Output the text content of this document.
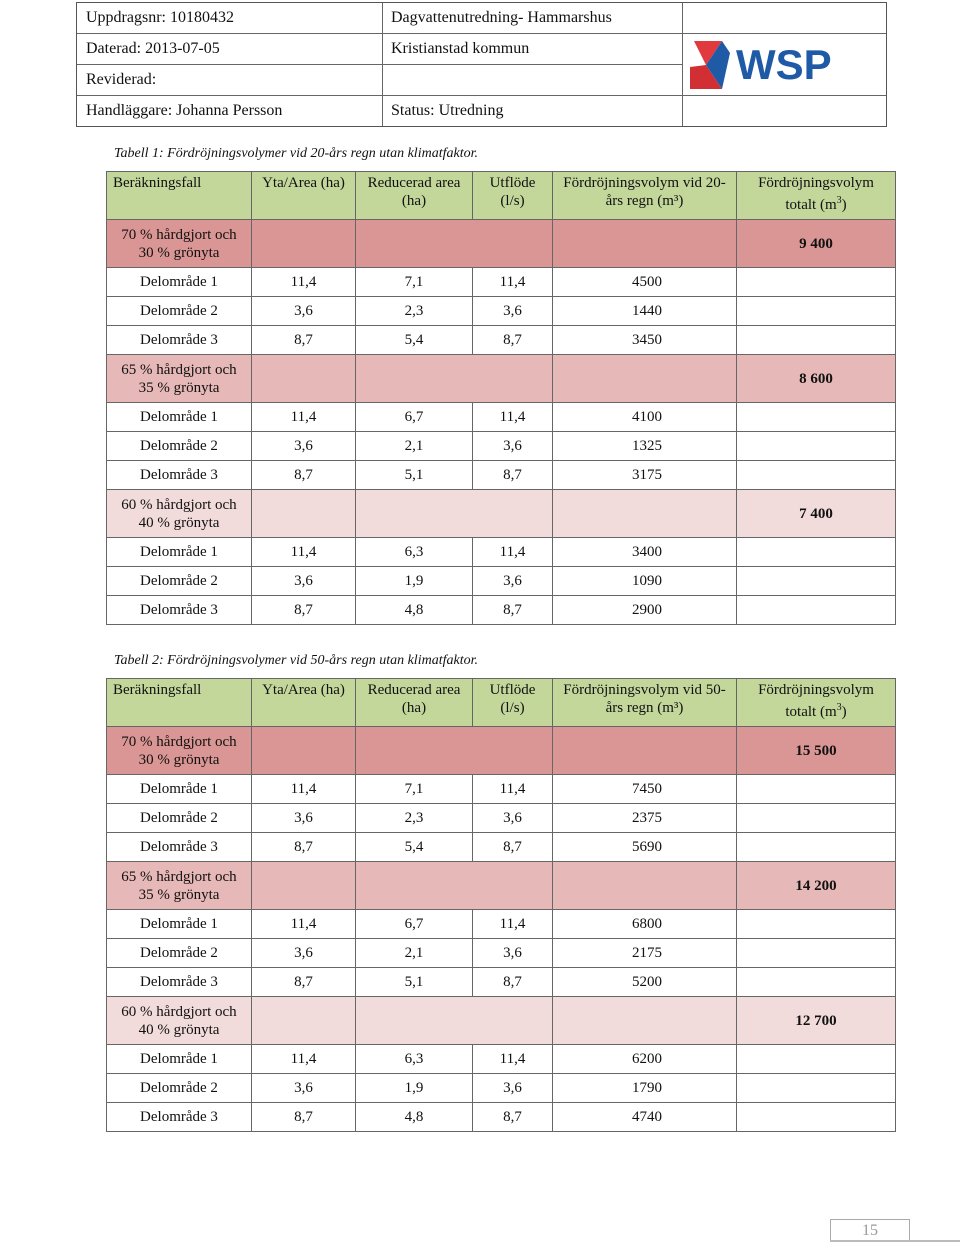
Uppdragsnr: 10180432	Dagvattenutredning- Hammarshus
Daterad: 2013-07-05	Kristianstad kommun
Reviderad:
Handläggare: Johanna Persson	Status: Utredning
WSP
Tabell 1: Fördröjningsvolymer vid 20-års regn utan klimatfaktor.
Beräkningsfall	Yta/Area (ha)	Reducerad area (ha)	Utflöde (l/s)	Fördröjningsvolym vid 20-års regn (m³)	Fördröjningsvolym totalt $(m^3)$
70 % hårdgjort och 30 % grönyta					9 400
Delområde 1	11,4	7,1	11,4	4500	
Delområde 2	3,6	2,3	3,6	1440	
Delområde 3	8,7	5,4	8,7	3450	
65 % hårdgjort och 35 % grönyta					8 600
Delområde 1	11,4	6,7	11,4	4100	
Delområde 2	3,6	2,1	3,6	1325	
Delområde 3	8,7	5,1	8,7	3175	
60 % hårdgjort och 40 % grönyta					7 400
Delområde 1	11,4	6,3	11,4	3400	
Delområde 2	3,6	1,9	3,6	1090	
Delområde 3	8,7	4,8	8,7	2900	
Tabell 2: Fördröjningsvolymer vid 50-års regn utan klimatfaktor.
Beräkningsfall	Yta/Area (ha)	Reducerad area (ha)	Utflöde (l/s)	Fördröjningsvolym vid 50-års regn (m³)	Fördröjningsvolym totalt $(m^3)$
70 % hårdgjort och 30 % grönyta					15 500
Delområde 1	11,4	7,1	11,4	7450	
Delområde 2	3,6	2,3	3,6	2375	
Delområde 3	8,7	5,4	8,7	5690	
65 % hårdgjort och 35 % grönyta					14 200
Delområde 1	11,4	6,7	11,4	6800	
Delområde 2	3,6	2,1	3,6	2175	
Delområde 3	8,7	5,1	8,7	5200	
60 % hårdgjort och 40 % grönyta					12 700
Delområde 1	11,4	6,3	11,4	6200	
Delområde 2	3,6	1,9	3,6	1790	
Delområde 3	8,7	4,8	8,7	4740	
15
